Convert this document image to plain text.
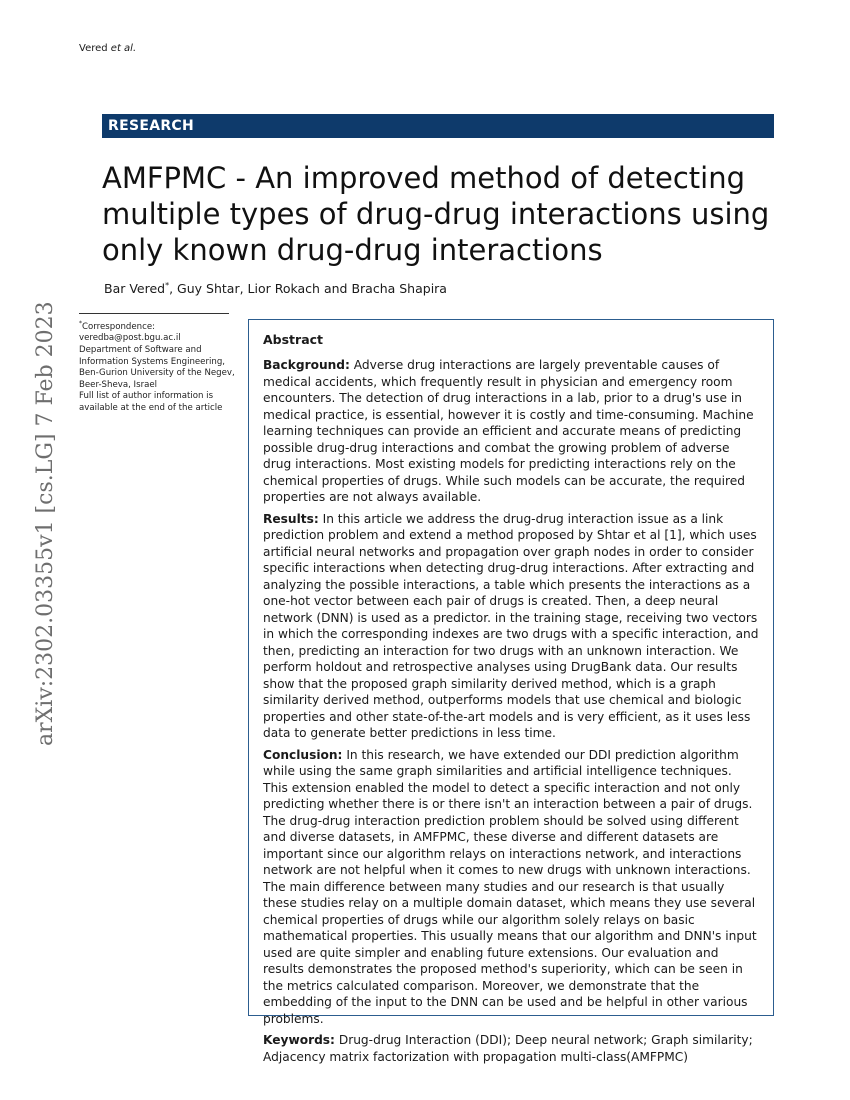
Vered et al.
RESEARCH
AMFPMC - An improved method of detecting multiple types of drug-drug interactions using only known drug-drug interactions
Bar Vered*, Guy Shtar, Lior Rokach and Bracha Shapira
arXiv:2302.03355v1 [cs.LG] 7 Feb 2023	*Correspondence:
veredba@post.bgu.ac.il
Department of Software and Information Systems Engineering, Ben-Gurion University of the Negev, Beer-Sheva, Israel
Full list of author information is available at the end of the article
Abstract

Background: Adverse drug interactions are largely preventable causes of medical accidents, which frequently result in physician and emergency room encounters. The detection of drug interactions in a lab, prior to a drug's use in medical practice, is essential, however it is costly and time-consuming. Machine learning techniques can provide an efficient and accurate means of predicting possible drug-drug interactions and combat the growing problem of adverse drug interactions. Most existing models for predicting interactions rely on the chemical properties of drugs. While such models can be accurate, the required properties are not always available.

Results: In this article we address the drug-drug interaction issue as a link prediction problem and extend a method proposed by Shtar et al [1], which uses artificial neural networks and propagation over graph nodes in order to consider specific interactions when detecting drug-drug interactions. After extracting and analyzing the possible interactions, a table which presents the interactions as a one-hot vector between each pair of drugs is created. Then, a deep neural network (DNN) is used as a predictor. in the training stage, receiving two vectors in which the corresponding indexes are two drugs with a specific interaction, and then, predicting an interaction for two drugs with an unknown interaction. We perform holdout and retrospective analyses using DrugBank data. Our results show that the proposed graph similarity derived method, which is a graph similarity derived method, outperforms models that use chemical and biologic properties and other state-of-the-art models and is very efficient, as it uses less data to generate better predictions in less time.

Conclusion: In this research, we have extended our DDI prediction algorithm while using the same graph similarities and artificial intelligence techniques. This extension enabled the model to detect a specific interaction and not only predicting whether there is or there isn't an interaction between a pair of drugs. The drug-drug interaction prediction problem should be solved using different and diverse datasets, in AMFPMC, these diverse and different datasets are important since our algorithm relays on interactions network, and interactions network are not helpful when it comes to new drugs with unknown interactions. The main difference between many studies and our research is that usually these studies relay on a multiple domain dataset, which means they use several chemical properties of drugs while our algorithm solely relays on basic mathematical properties. This usually means that our algorithm and DNN's input used are quite simpler and enabling future extensions. Our evaluation and results demonstrates the proposed method's superiority, which can be seen in the metrics calculated comparison. Moreover, we demonstrate that the embedding of the input to the DNN can be used and be helpful in other various problems.

Keywords: Drug-drug Interaction (DDI); Deep neural network; Graph similarity; Adjacency matrix factorization with propagation multi-class(AMFPMC)
